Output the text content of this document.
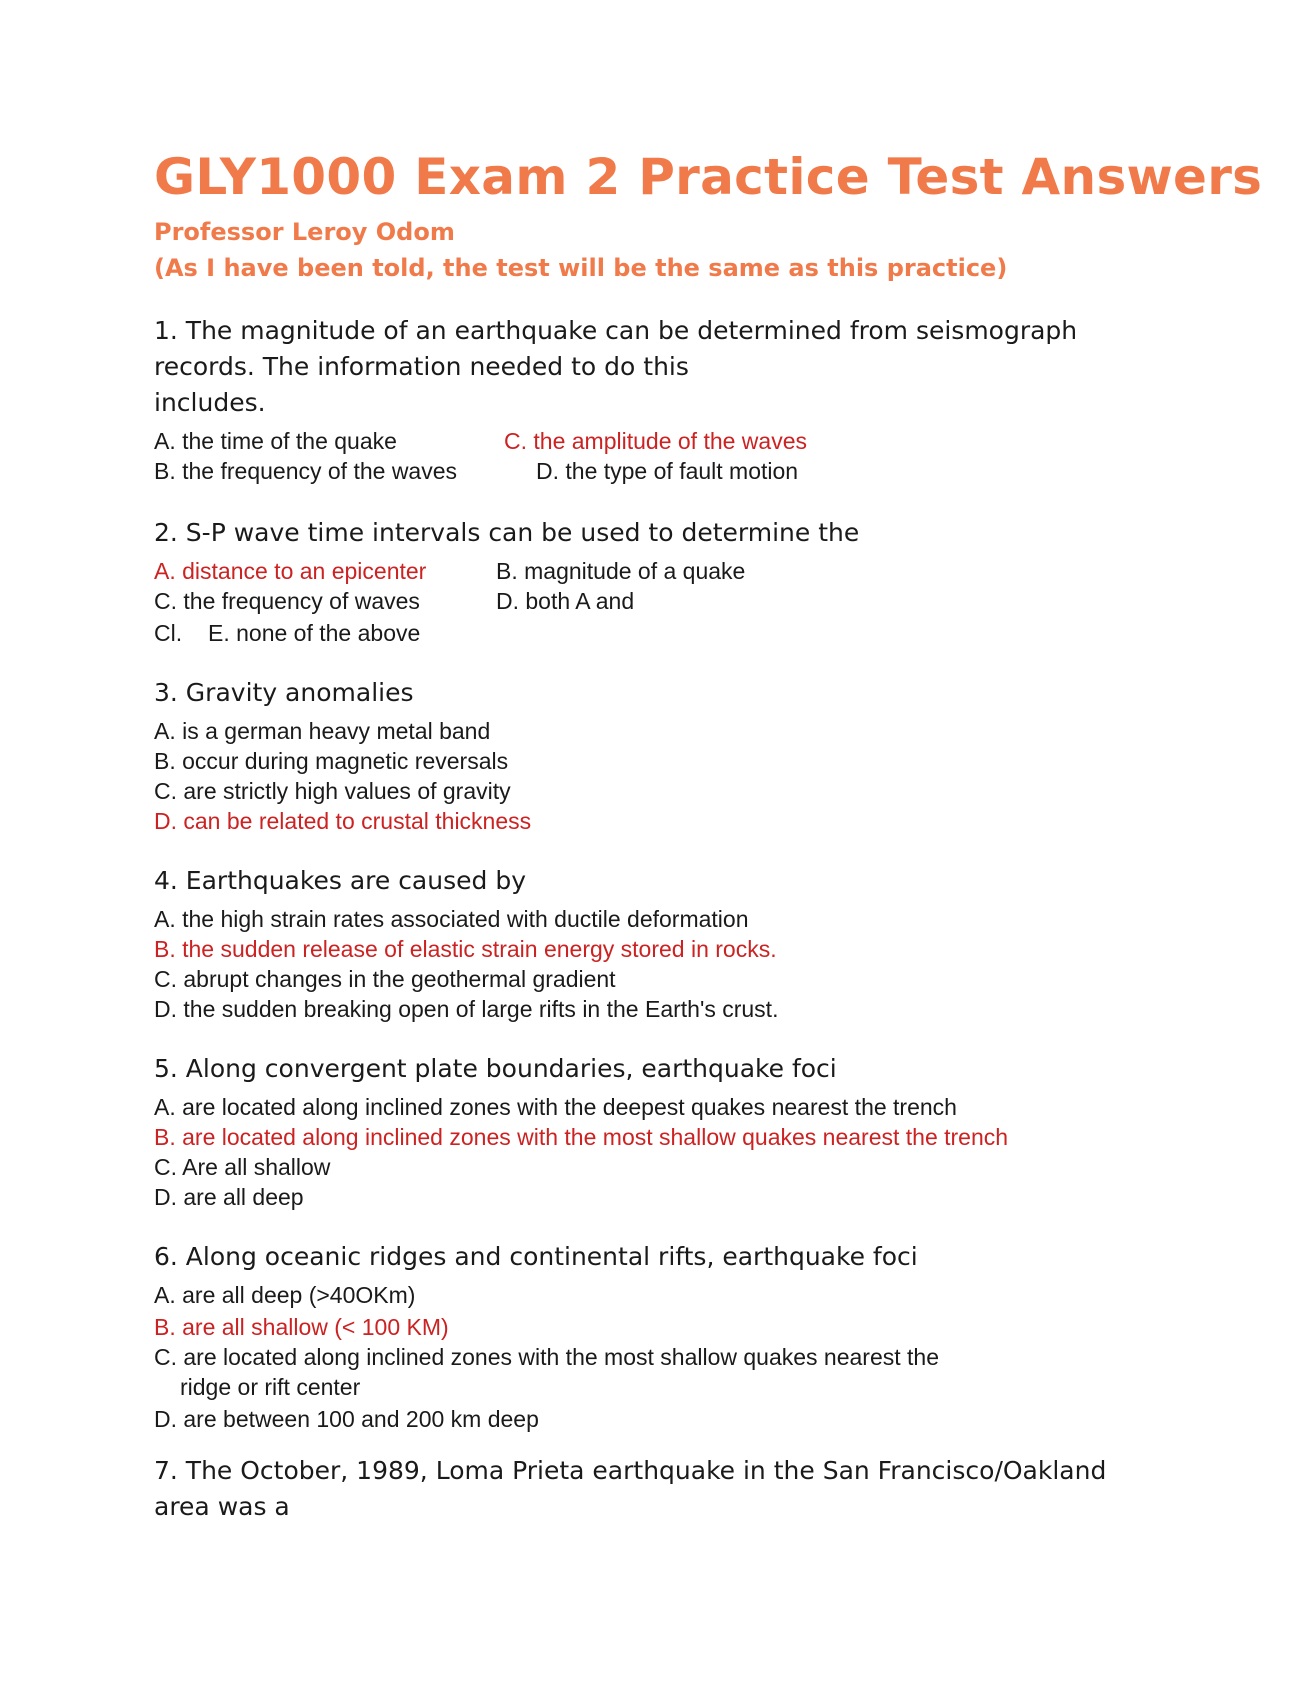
GLY1000 Exam 2 Practice Test Answers
Professor Leroy Odom
(As I have been told, the test will be the same as this practice)
1. The magnitude of an earthquake can be determined from seismograph
records. The information needed to do this
includes.
A. the time of the quake	C. the amplitude of the waves
B. the frequency of the waves	D. the type of fault motion
2. S-P wave time intervals can be used to determine the
A. distance to an epicenter	B. magnitude of a quake
C. the frequency of waves	D. both A and
Cl. E. none of the above
3. Gravity anomalies
A. is a german heavy metal band
B. occur during magnetic reversals
C. are strictly high values of gravity
D. can be related to crustal thickness
4. Earthquakes are caused by
A. the high strain rates associated with ductile deformation
B. the sudden release of elastic strain energy stored in rocks.
C. abrupt changes in the geothermal gradient
D. the sudden breaking open of large rifts in the Earth's crust.
5. Along convergent plate boundaries, earthquake foci
A. are located along inclined zones with the deepest quakes nearest the trench
B. are located along inclined zones with the most shallow quakes nearest the trench
C. Are all shallow
D. are all deep
6. Along oceanic ridges and continental rifts, earthquake foci
A. are all deep (>40OKm)
B. are all shallow (< 100 KM)
C. are located along inclined zones with the most shallow quakes nearest the
ridge or rift center
D. are between 100 and 200 km deep
7. The October, 1989, Loma Prieta earthquake in the San Francisco/Oakland
area was a
